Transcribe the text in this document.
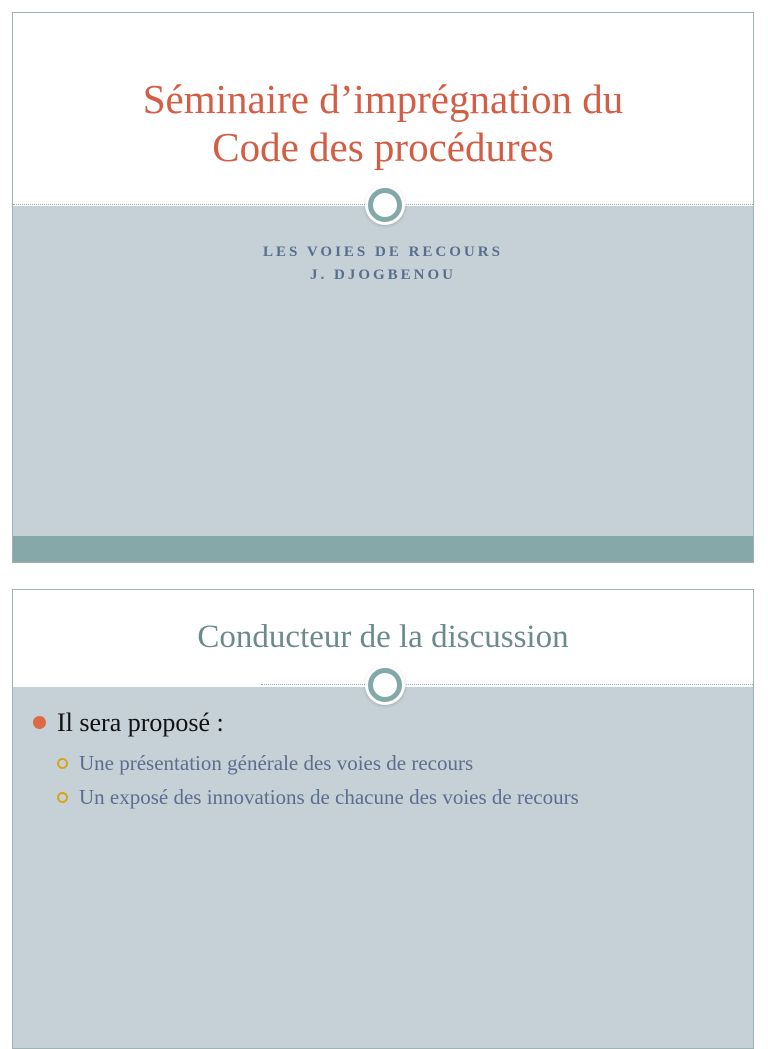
Séminaire d’imprégnation du
Code des procédures
LES VOIES DE RECOURS
J. DJOGBENOU
Conducteur de la discussion
Il sera proposé :
Une présentation générale des voies de recours
Un exposé des innovations de chacune des voies de recours
